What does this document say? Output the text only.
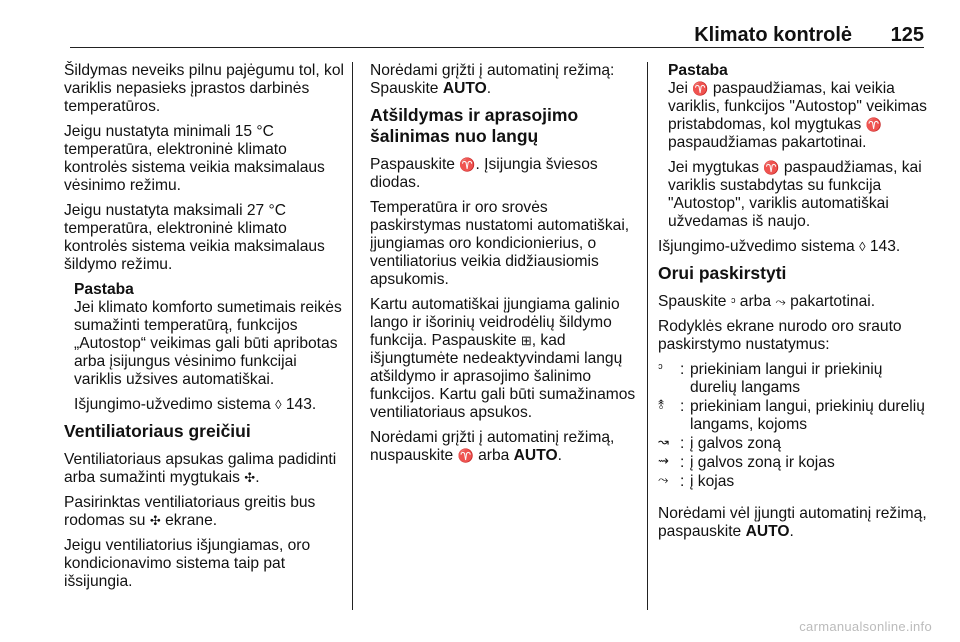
Klimato kontrolė 125

Šildymas neveiks pilnu pajėgumu tol, kol variklis nepasieks įprastos darbinės temperatūros.

Jeigu nustatyta minimali 15 °C temperatūra, elektroninė klimato kontrolės sistema veikia maksimalaus vėsinimo režimu.

Jeigu nustatyta maksimali 27 °C temperatūra, elektroninė klimato kontrolės sistema veikia maksimalaus šildymo režimu.

Pastaba
Jei klimato komforto sumetimais reikės sumažinti temperatūrą, funkcijos „Autostop“ veikimas gali būti apribotas arba įsijungus vėsinimo funkcijai variklis užsives automatiškai.

Išjungimo-užvedimo sistema ◊ 143.

Ventiliatoriaus greičiui

Ventiliatoriaus apsukas galima padidinti arba sumažinti mygtukais ✣.

Pasirinktas ventiliatoriaus greitis bus rodomas su ✣ ekrane.

Jeigu ventiliatorius išjungiamas, oro kondicionavimo sistema taip pat išsijungia.

Norėdami grįžti į automatinį režimą: Spauskite AUTO.

Atšildymas ir aprasojimo šalinimas nuo langų

Paspauskite ♈. Įsijungia šviesos diodas.

Temperatūra ir oro srovės paskirstymas nustatomi automatiškai, įjungiamas oro kondicionierius, o ventiliatorius veikia didžiausiomis apsukomis.

Kartu automatiškai įjungiama galinio lango ir išorinių veidrodėlių šildymo funkcija. Paspauskite ⊞, kad išjungtumėte nedeaktyvindami langų atšildymo ir aprasojimo šalinimo funkcijos. Kartu gali būti sumažinamos ventiliatoriaus apsukos.

Norėdami grįžti į automatinį režimą, nuspauskite ♈ arba AUTO.

Pastaba
Jei ♈ paspaudžiamas, kai veikia variklis, funkcijos "Autostop" veikimas pristabdomas, kol mygtukas ♈ paspaudžiamas pakartotinai.

Jei mygtukas ♈ paspaudžiamas, kai variklis sustabdytas su funkcija "Autostop", variklis automatiškai užvedamas iš naujo.

Išjungimo-užvedimo sistema ◊ 143.

Orui paskirstyti

Spauskite ᵓ arba ⤳ pakartotinai.

Rodyklės ekrane nurodo oro srauto paskirstymo nustatymus:

ᵓ	: priekiniam langui ir priekinių durelių langams
⥉	: priekiniam langui, priekinių durelių langams, kojoms
↝ : į galvos zoną
⇝ : į galvos zoną ir kojas
⤳ : į kojas

Norėdami vėl įjungti automatinį režimą, paspauskite AUTO.

carmanualsonline.info
